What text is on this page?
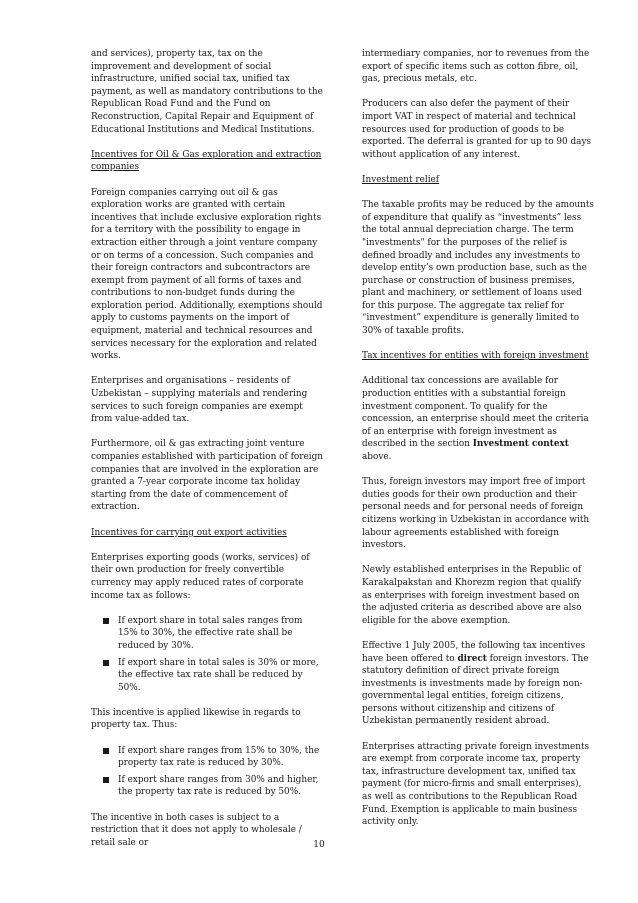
and services), property tax, tax on the improvement and development of social infrastructure, unified social tax, unified tax payment, as well as mandatory contributions to the Republican Road Fund and the Fund on Reconstruction, Capital Repair and Equipment of Educational Institutions and Medical Institutions.

Incentives for Oil & Gas exploration and extraction companies

Foreign companies carrying out oil & gas exploration works are granted with certain incentives that include exclusive exploration rights for a territory with the possibility to engage in extraction either through a joint venture company or on terms of a concession. Such companies and their foreign contractors and subcontractors are exempt from payment of all forms of taxes and contributions to non-budget funds during the exploration period. Additionally, exemptions should apply to customs payments on the import of equipment, material and technical resources and services necessary for the exploration and related works.

Enterprises and organisations – residents of Uzbekistan – supplying materials and rendering services to such foreign companies are exempt from value-added tax.

Furthermore, oil & gas extracting joint venture companies established with participation of foreign companies that are involved in the exploration are granted a 7-year corporate income tax holiday starting from the date of commencement of extraction.

Incentives for carrying out export activities

Enterprises exporting goods (works, services) of their own production for freely convertible currency may apply reduced rates of corporate income tax as follows:

If export share in total sales ranges from 15% to 30%, the effective rate shall be reduced by 30%.
If export share in total sales is 30% or more, the effective tax rate shall be reduced by 50%.

This incentive is applied likewise in regards to property tax. Thus:

If export share ranges from 15% to 30%, the property tax rate is reduced by 30%.
If export share ranges from 30% and higher, the property tax rate is reduced by 50%.

The incentive in both cases is subject to a restriction that it does not apply to wholesale / retail sale or

intermediary companies, nor to revenues from the export of specific items such as cotton fibre, oil, gas, precious metals, etc.

Producers can also defer the payment of their import VAT in respect of material and technical resources used for production of goods to be exported. The deferral is granted for up to 90 days without application of any interest.

Investment relief

The taxable profits may be reduced by the amounts of expenditure that qualify as “investments” less the total annual depreciation charge. The term "investments" for the purposes of the relief is defined broadly and includes any investments to develop entity’s own production base, such as the purchase or construction of business premises, plant and machinery, or settlement of loans used for this purpose. The aggregate tax relief for “investment” expenditure is generally limited to 30% of taxable profits.

Tax incentives for entities with foreign investment

Additional tax concessions are available for production entities with a substantial foreign investment component. To qualify for the concession, an enterprise should meet the criteria of an enterprise with foreign investment as described in the section Investment context above.

Thus, foreign investors may import free of import duties goods for their own production and their personal needs and for personal needs of foreign citizens working in Uzbekistan in accordance with labour agreements established with foreign investors.

Newly established enterprises in the Republic of Karakalpakstan and Khorezm region that qualify as enterprises with foreign investment based on the adjusted criteria as described above are also eligible for the above exemption.

Effective 1 July 2005, the following tax incentives have been offered to direct foreign investors. The statutory definition of direct private foreign investments is investments made by foreign non-governmental legal entities, foreign citizens, persons without citizenship and citizens of Uzbekistan permanently resident abroad.

Enterprises attracting private foreign investments are exempt from corporate income tax, property tax, infrastructure development tax, unified tax payment (for micro-firms and small enterprises), as well as contributions to the Republican Road Fund. Exemption is applicable to main business activity only.

10
